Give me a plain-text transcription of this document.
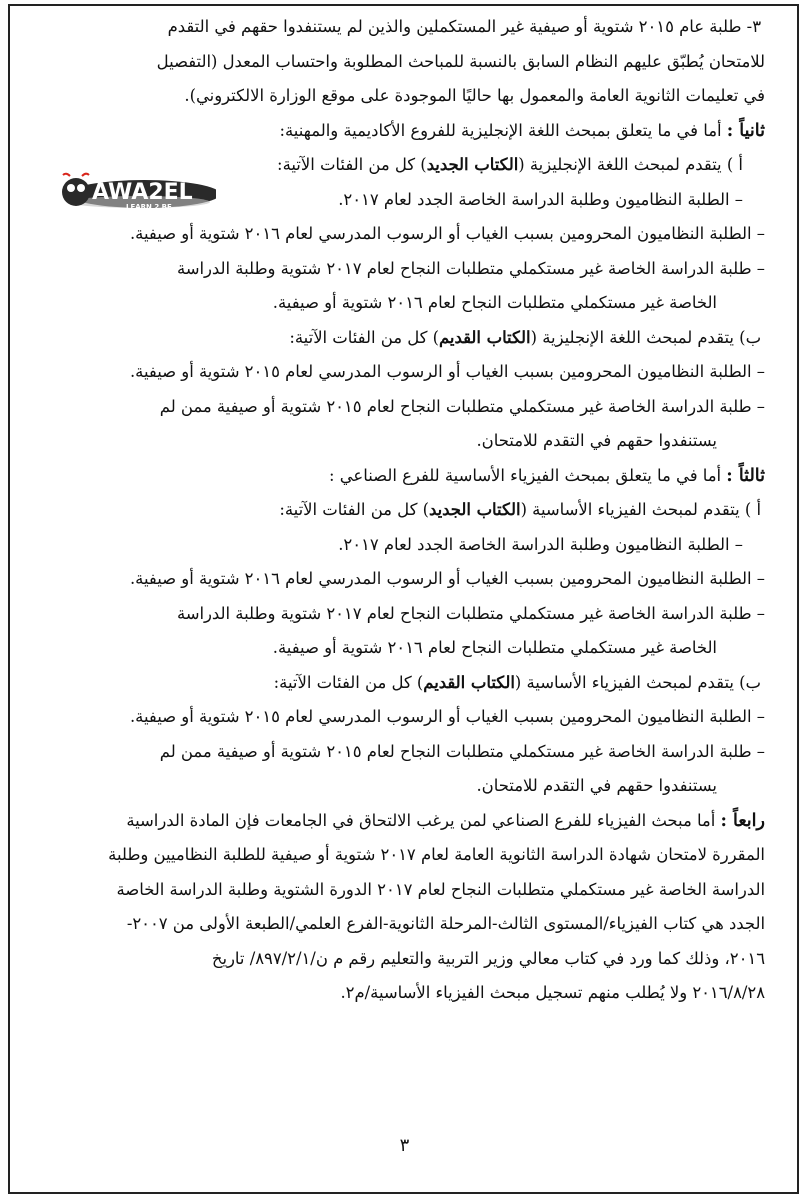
٣- طلبة عام ٢٠١٥ شتوية أو صيفية غير المستكملين والذين لم يستنفدوا حقهم في التقدم

للامتحان يُطبّق عليهم النظام السابق بالنسبة للمباحث المطلوبة واحتساب المعدل (التفصيل

في تعليمات الثانوية العامة والمعمول بها حاليًا الموجودة على موقع الوزارة الالكتروني).

ثانياً : أما في ما يتعلق بمبحث اللغة الإنجليزية للفروع الأكاديمية والمهنية:

أ ) يتقدم لمبحث اللغة الإنجليزية (الكتاب الجديد) كل من الفئات الآتية:

– الطلبة النظاميون وطلبة الدراسة الخاصة الجدد لعام ٢٠١٧.

– الطلبة النظاميون المحرومين بسبب الغياب أو الرسوب المدرسي لعام ٢٠١٦ شتوية أو صيفية.

– طلبة الدراسة الخاصة غير مستكملي متطلبات النجاح لعام ٢٠١٧ شتوية وطلبة الدراسة

الخاصة غير مستكملي متطلبات النجاح لعام ٢٠١٦ شتوية أو صيفية.

ب) يتقدم لمبحث اللغة الإنجليزية (الكتاب القديم) كل من الفئات الآتية:

– الطلبة النظاميون المحرومين بسبب الغياب أو الرسوب المدرسي لعام ٢٠١٥ شتوية أو صيفية.

– طلبة الدراسة الخاصة غير مستكملي متطلبات النجاح لعام ٢٠١٥ شتوية أو صيفية ممن لم

يستنفدوا حقهم في التقدم للامتحان.

ثالثاً : أما في ما يتعلق بمبحث الفيزياء الأساسية للفرع الصناعي :

أ ) يتقدم لمبحث الفيزياء الأساسية (الكتاب الجديد) كل من الفئات الآتية:

– الطلبة النظاميون وطلبة الدراسة الخاصة الجدد لعام ٢٠١٧.

– الطلبة النظاميون المحرومين بسبب الغياب أو الرسوب المدرسي لعام ٢٠١٦ شتوية أو صيفية.

– طلبة الدراسة الخاصة غير مستكملي متطلبات النجاح لعام ٢٠١٧ شتوية وطلبة الدراسة

الخاصة غير مستكملي متطلبات النجاح لعام ٢٠١٦ شتوية أو صيفية.

ب) يتقدم لمبحث الفيزياء الأساسية (الكتاب القديم) كل من الفئات الآتية:

– الطلبة النظاميون المحرومين بسبب الغياب أو الرسوب المدرسي لعام ٢٠١٥ شتوية أو صيفية.

– طلبة الدراسة الخاصة غير مستكملي متطلبات النجاح لعام ٢٠١٥ شتوية أو صيفية ممن لم

يستنفدوا حقهم في التقدم للامتحان.

رابعاً : أما مبحث الفيزياء للفرع الصناعي لمن يرغب الالتحاق في الجامعات فإن المادة الدراسية

المقررة لامتحان شهادة الدراسة الثانوية العامة لعام ٢٠١٧ شتوية أو صيفية للطلبة النظاميين وطلبة

الدراسة الخاصة غير مستكملي متطلبات النجاح لعام ٢٠١٧ الدورة الشتوية وطلبة الدراسة الخاصة

الجدد هي كتاب الفيزياء/المستوى الثالث-المرحلة الثانوية-الفرع العلمي/الطبعة الأولى من ٢٠٠٧-

٢٠١٦، وذلك كما ورد في كتاب معالي وزير التربية والتعليم رقم م ن/٨٩٧/٢/١/ تاريخ

٢٠١٦/٨/٢٨ ولا يُطلب منهم تسجيل مبحث الفيزياء الأساسية/م٢.

AWA2EL
LEARN 2 BE
٣
